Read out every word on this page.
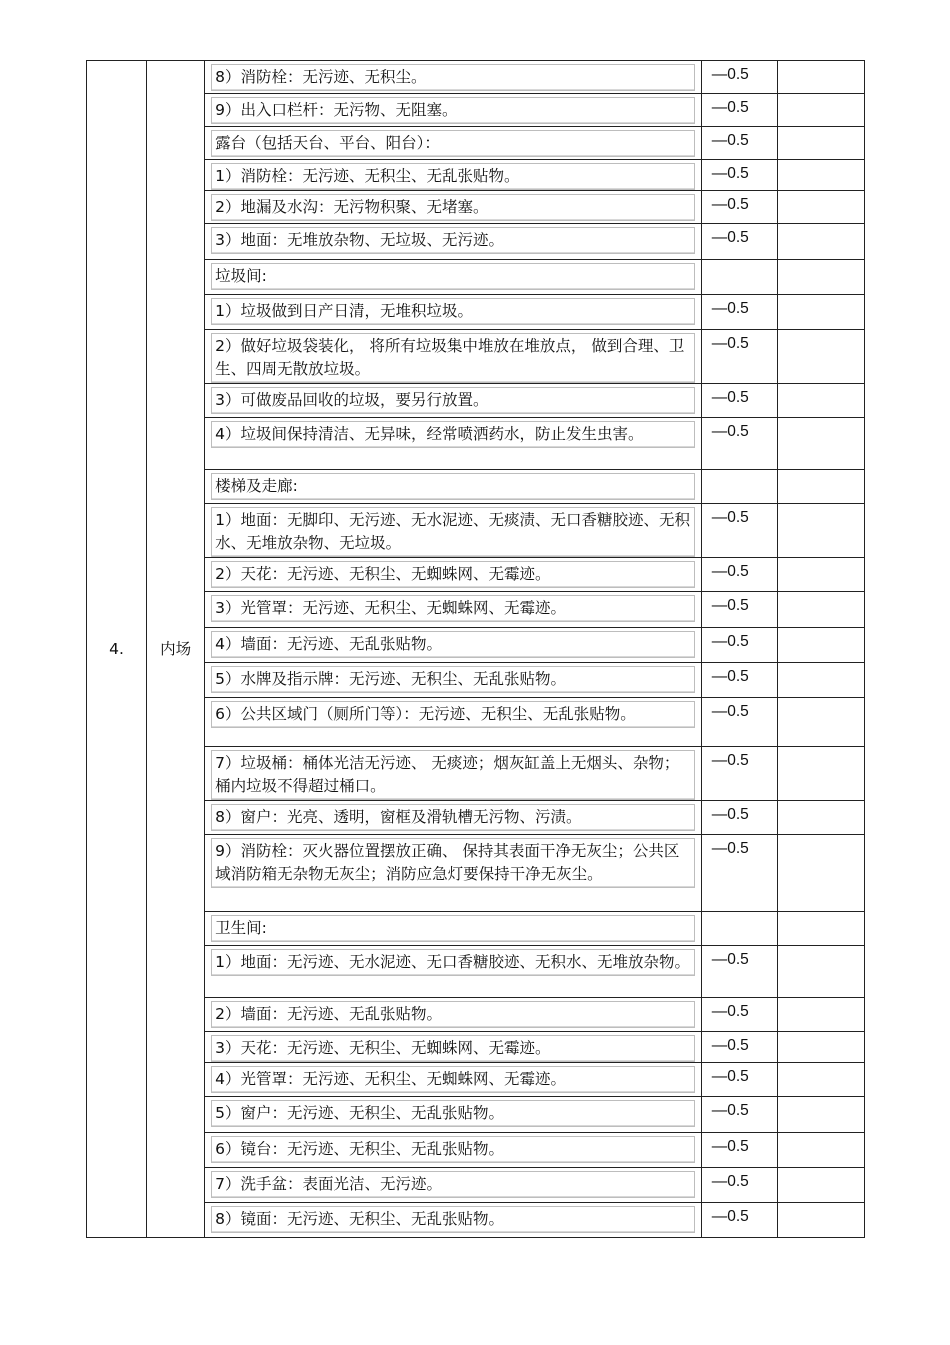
4.	内场	8）消防栓：无污迹、无积尘。	—0.5	

		9）出入口栏杆：无污物、无阻塞。	—0.5	

		露台（包括天台、平台、阳台）：	—0.5	

		1）消防栓：无污迹、无积尘、无乱张贴物。	—0.5	

		2）地漏及水沟：无污物积聚、无堵塞。	—0.5	

		3）地面：无堆放杂物、无垃圾、无污迹。	—0.5	

		垃圾间:		

		1）垃圾做到日产日清，无堆积垃圾。	—0.5	

		2）做好垃圾袋装化， 将所有垃圾集中堆放在堆放点， 做到合理、卫生、四周无散放垃圾。	—0.5	

		3）可做废品回收的垃圾，要另行放置。	—0.5	

		4）垃圾间保持清洁、无异味，经常喷洒药水，防止发生虫害。	—0.5	

		楼梯及走廊:		

		1）地面：无脚印、无污迹、无水泥迹、无痰渍、无口香糖胶迹、无积水、无堆放杂物、无垃圾。	—0.5	

		2）天花：无污迹、无积尘、无蜘蛛网、无霉迹。	—0.5	

		3）光管罩：无污迹、无积尘、无蜘蛛网、无霉迹。	—0.5	

		4）墙面：无污迹、无乱张贴物。	—0.5	

		5）水牌及指示牌：无污迹、无积尘、无乱张贴物。	—0.5	

		6）公共区域门（厕所门等）：无污迹、无积尘、无乱张贴物。	—0.5	

		7）垃圾桶：桶体光洁无污迹、 无痰迹；烟灰缸盖上无烟头、杂物；桶内垃圾不得超过桶口。	—0.5	

		8）窗户：光亮、透明，窗框及滑轨槽无污物、污渍。	—0.5	

		9）消防栓：灭火器位置摆放正确、 保持其表面干净无灰尘；公共区域消防箱无杂物无灰尘；消防应急灯要保持干净无灰尘。	—0.5	

		卫生间:		

		1）地面：无污迹、无水泥迹、无口香糖胶迹、无积水、无堆放杂物。	—0.5	

		2）墙面：无污迹、无乱张贴物。	—0.5	

		3）天花：无污迹、无积尘、无蜘蛛网、无霉迹。	—0.5	

		4）光管罩：无污迹、无积尘、无蜘蛛网、无霉迹。	—0.5	

		5）窗户：无污迹、无积尘、无乱张贴物。	—0.5	

		6）镜台：无污迹、无积尘、无乱张贴物。	—0.5	

		7）洗手盆：表面光洁、无污迹。	—0.5	

		8）镜面：无污迹、无积尘、无乱张贴物。	—0.5	
